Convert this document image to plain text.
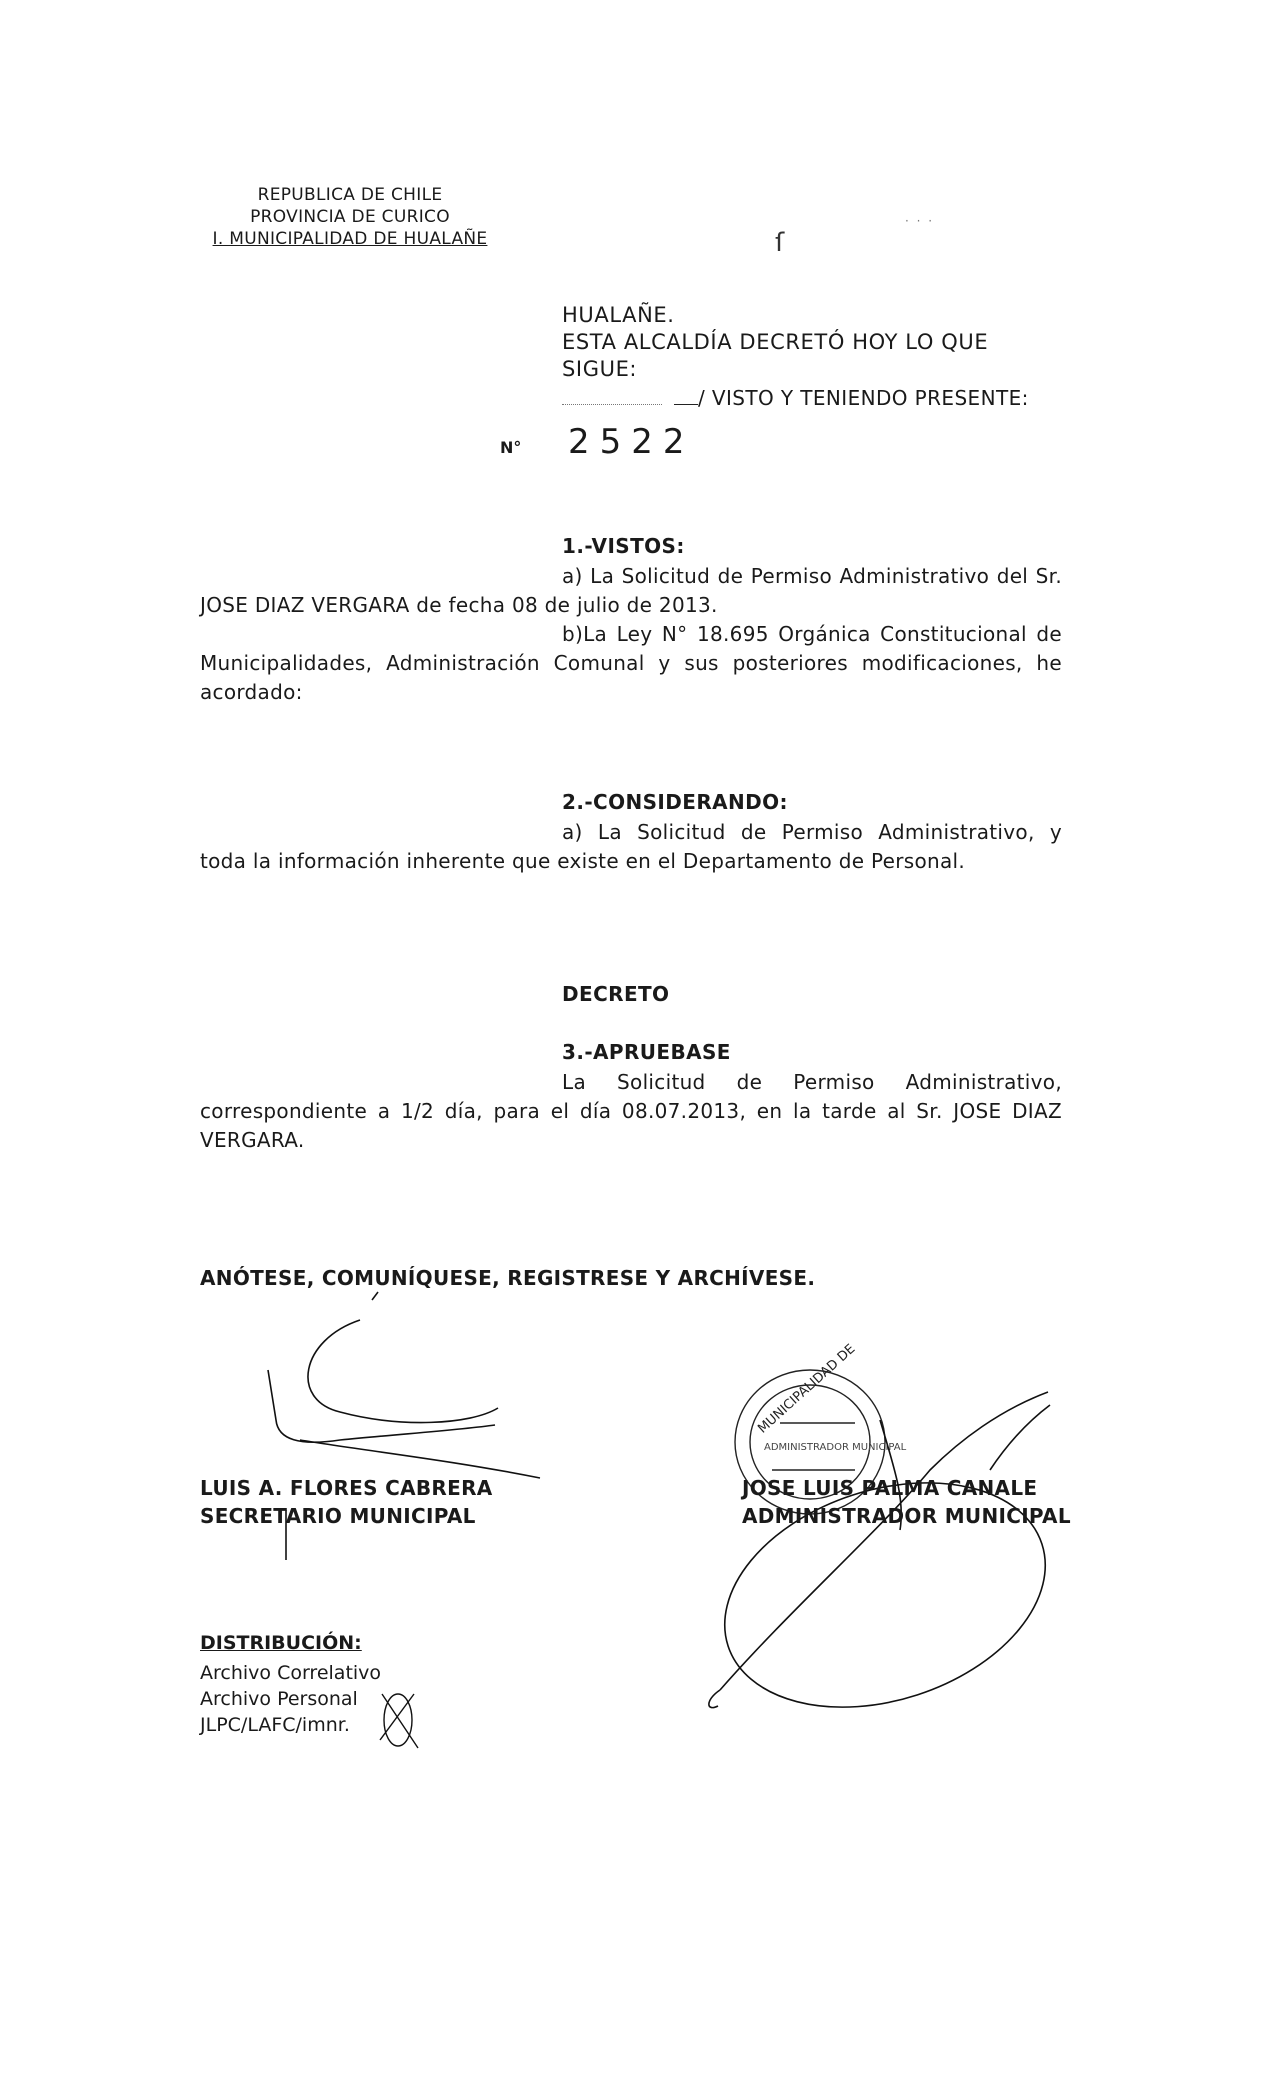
REPUBLICA DE CHILE
PROVINCIA DE CURICO
I. MUNICIPALIDAD DE HUALAÑE	ſ
· · ·
HUALAÑE.
ESTA ALCALDÍA DECRETÓ HOY LO QUE
SIGUE:
/ VISTO Y TENIENDO PRESENTE:
N° 2522
1.-VISTOS:
a) La Solicitud de Permiso Administrativo del Sr. JOSE DIAZ VERGARA de fecha 08 de julio de 2013.
b)La Ley N° 18.695 Orgánica Constitucional de Municipalidades, Administración Comunal y sus posteriores modificaciones, he acordado:
2.-CONSIDERANDO:
a) La Solicitud de Permiso Administrativo, y toda la información inherente que existe en el Departamento de Personal.
DECRETO
3.-APRUEBASE
La Solicitud de Permiso Administrativo, correspondiente a 1/2 día, para el día 08.07.2013, en la tarde al Sr. JOSE DIAZ VERGARA.
ANÓTESE, COMUNÍQUESE, REGISTRESE Y ARCHÍVESE.
MUNICIPALIDAD DE
ADMINISTRADOR MUNICIPAL
LUIS A. FLORES CABRERA
SECRETARIO MUNICIPAL
JOSE LUIS PALMA CANALE
ADMINISTRADOR MUNICIPAL
DISTRIBUCIÓN:
Archivo Correlativo
Archivo Personal
JLPC/LAFC/imnr.
